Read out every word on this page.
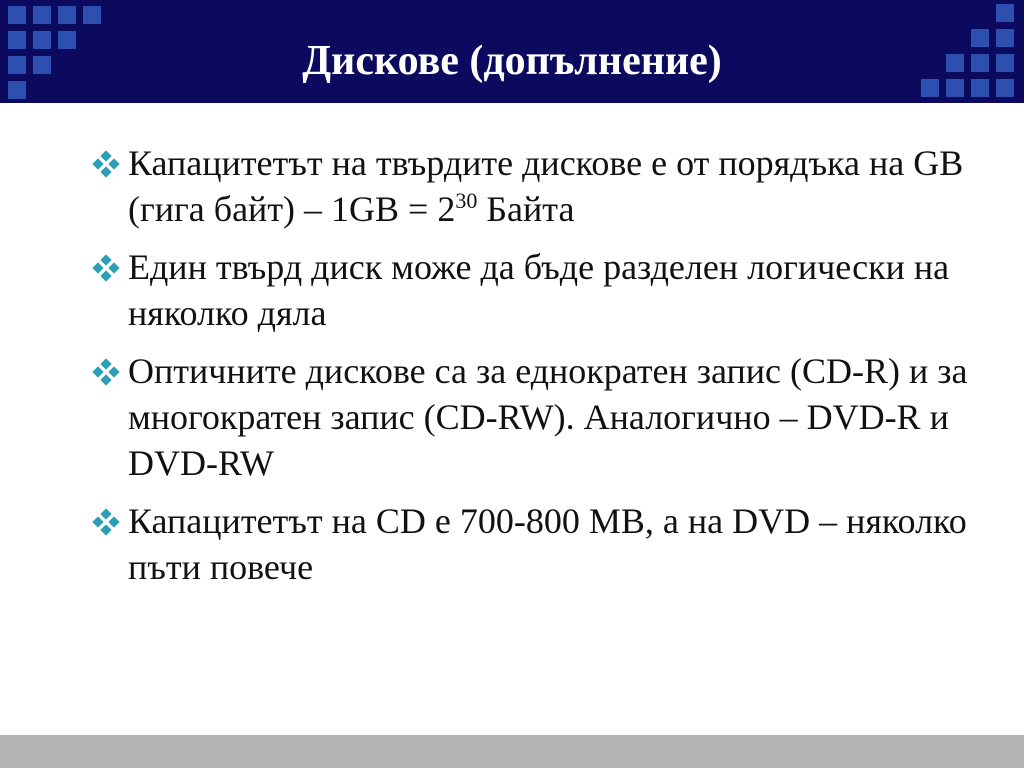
Дискове (допълнение)
Капацитетът на твърдите дискове е от порядъка на GB (гига байт) – $1GB = 2^{30}$ Байта
Един твърд диск може да бъде разделен логически на няколко дяла
Оптичните дискове са за еднократен запис (CD-R) и за многократен запис (CD-RW). Аналогично – DVD-R и DVD-RW
Капацитетът на CD е 700-800 MB, а на DVD – няколко пъти повече
